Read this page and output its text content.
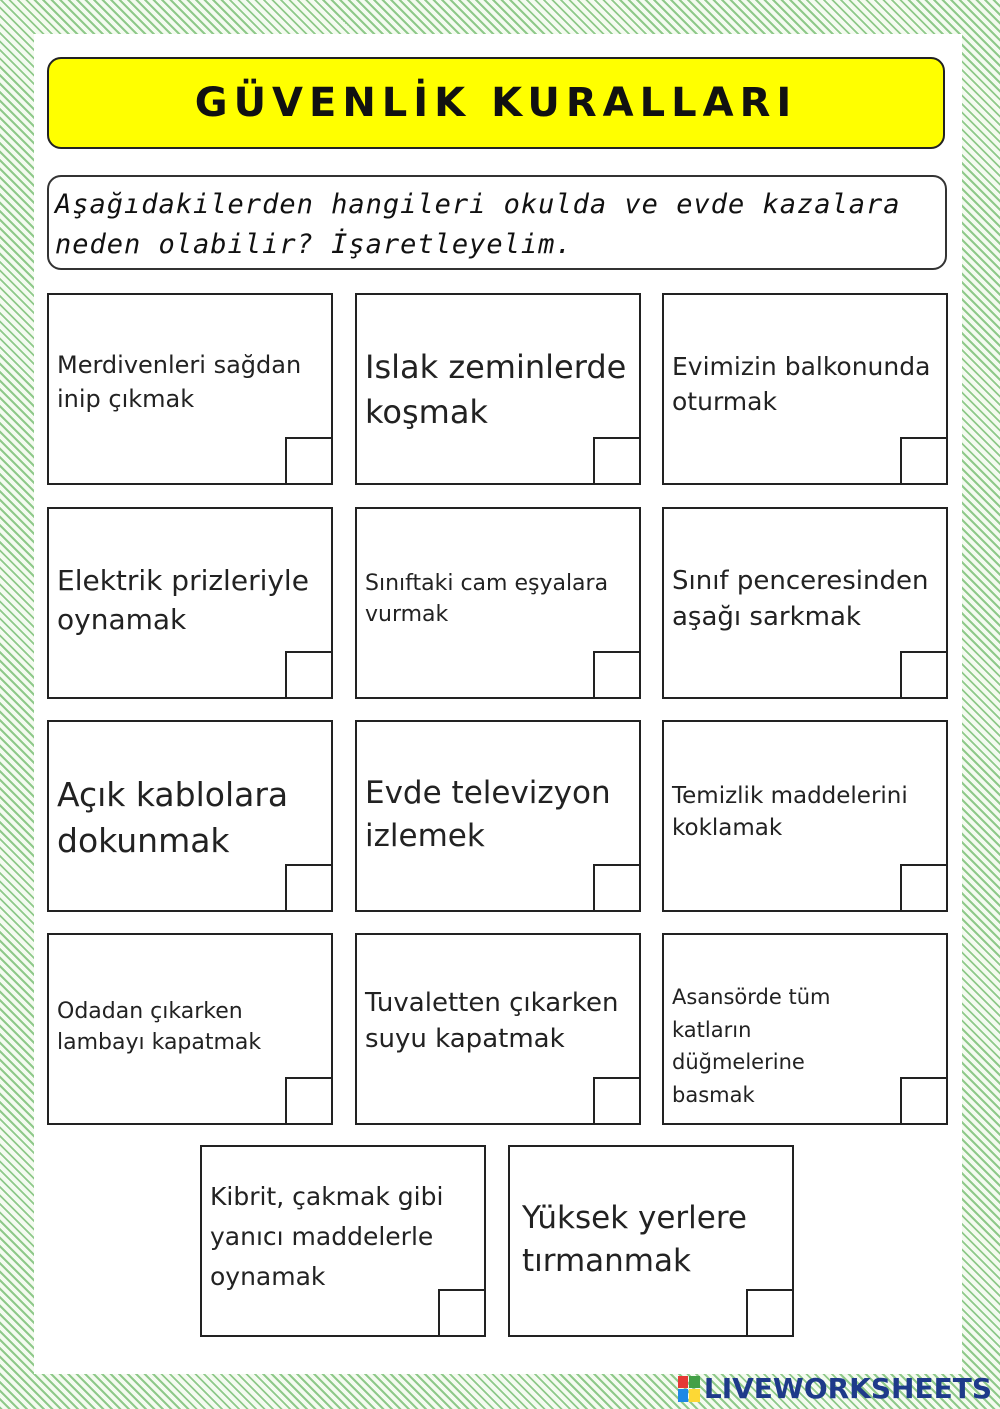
GÜVENLİK KURALLARI
Aşağıdakilerden hangileri okulda ve evde kazalara
neden olabilir? İşaretleyelim.
Merdivenleri sağdan inip çıkmak
Islak zeminlerde koşmak
Evimizin balkonunda oturmak
Elektrik prizleriyle oynamak
Sınıftaki cam eşyalara vurmak
Sınıf penceresinden aşağı sarkmak
Açık kablolara dokunmak
Evde televizyon izlemek
Temizlik maddelerini koklamak
Odadan çıkarken lambayı kapatmak
Tuvaletten çıkarken suyu kapatmak
Asansörde tüm katların düğmelerine basmak
Kibrit, çakmak gibi yanıcı maddelerle oynamak
Yüksek yerlere tırmanmak
LIVEWORKSHEETS
